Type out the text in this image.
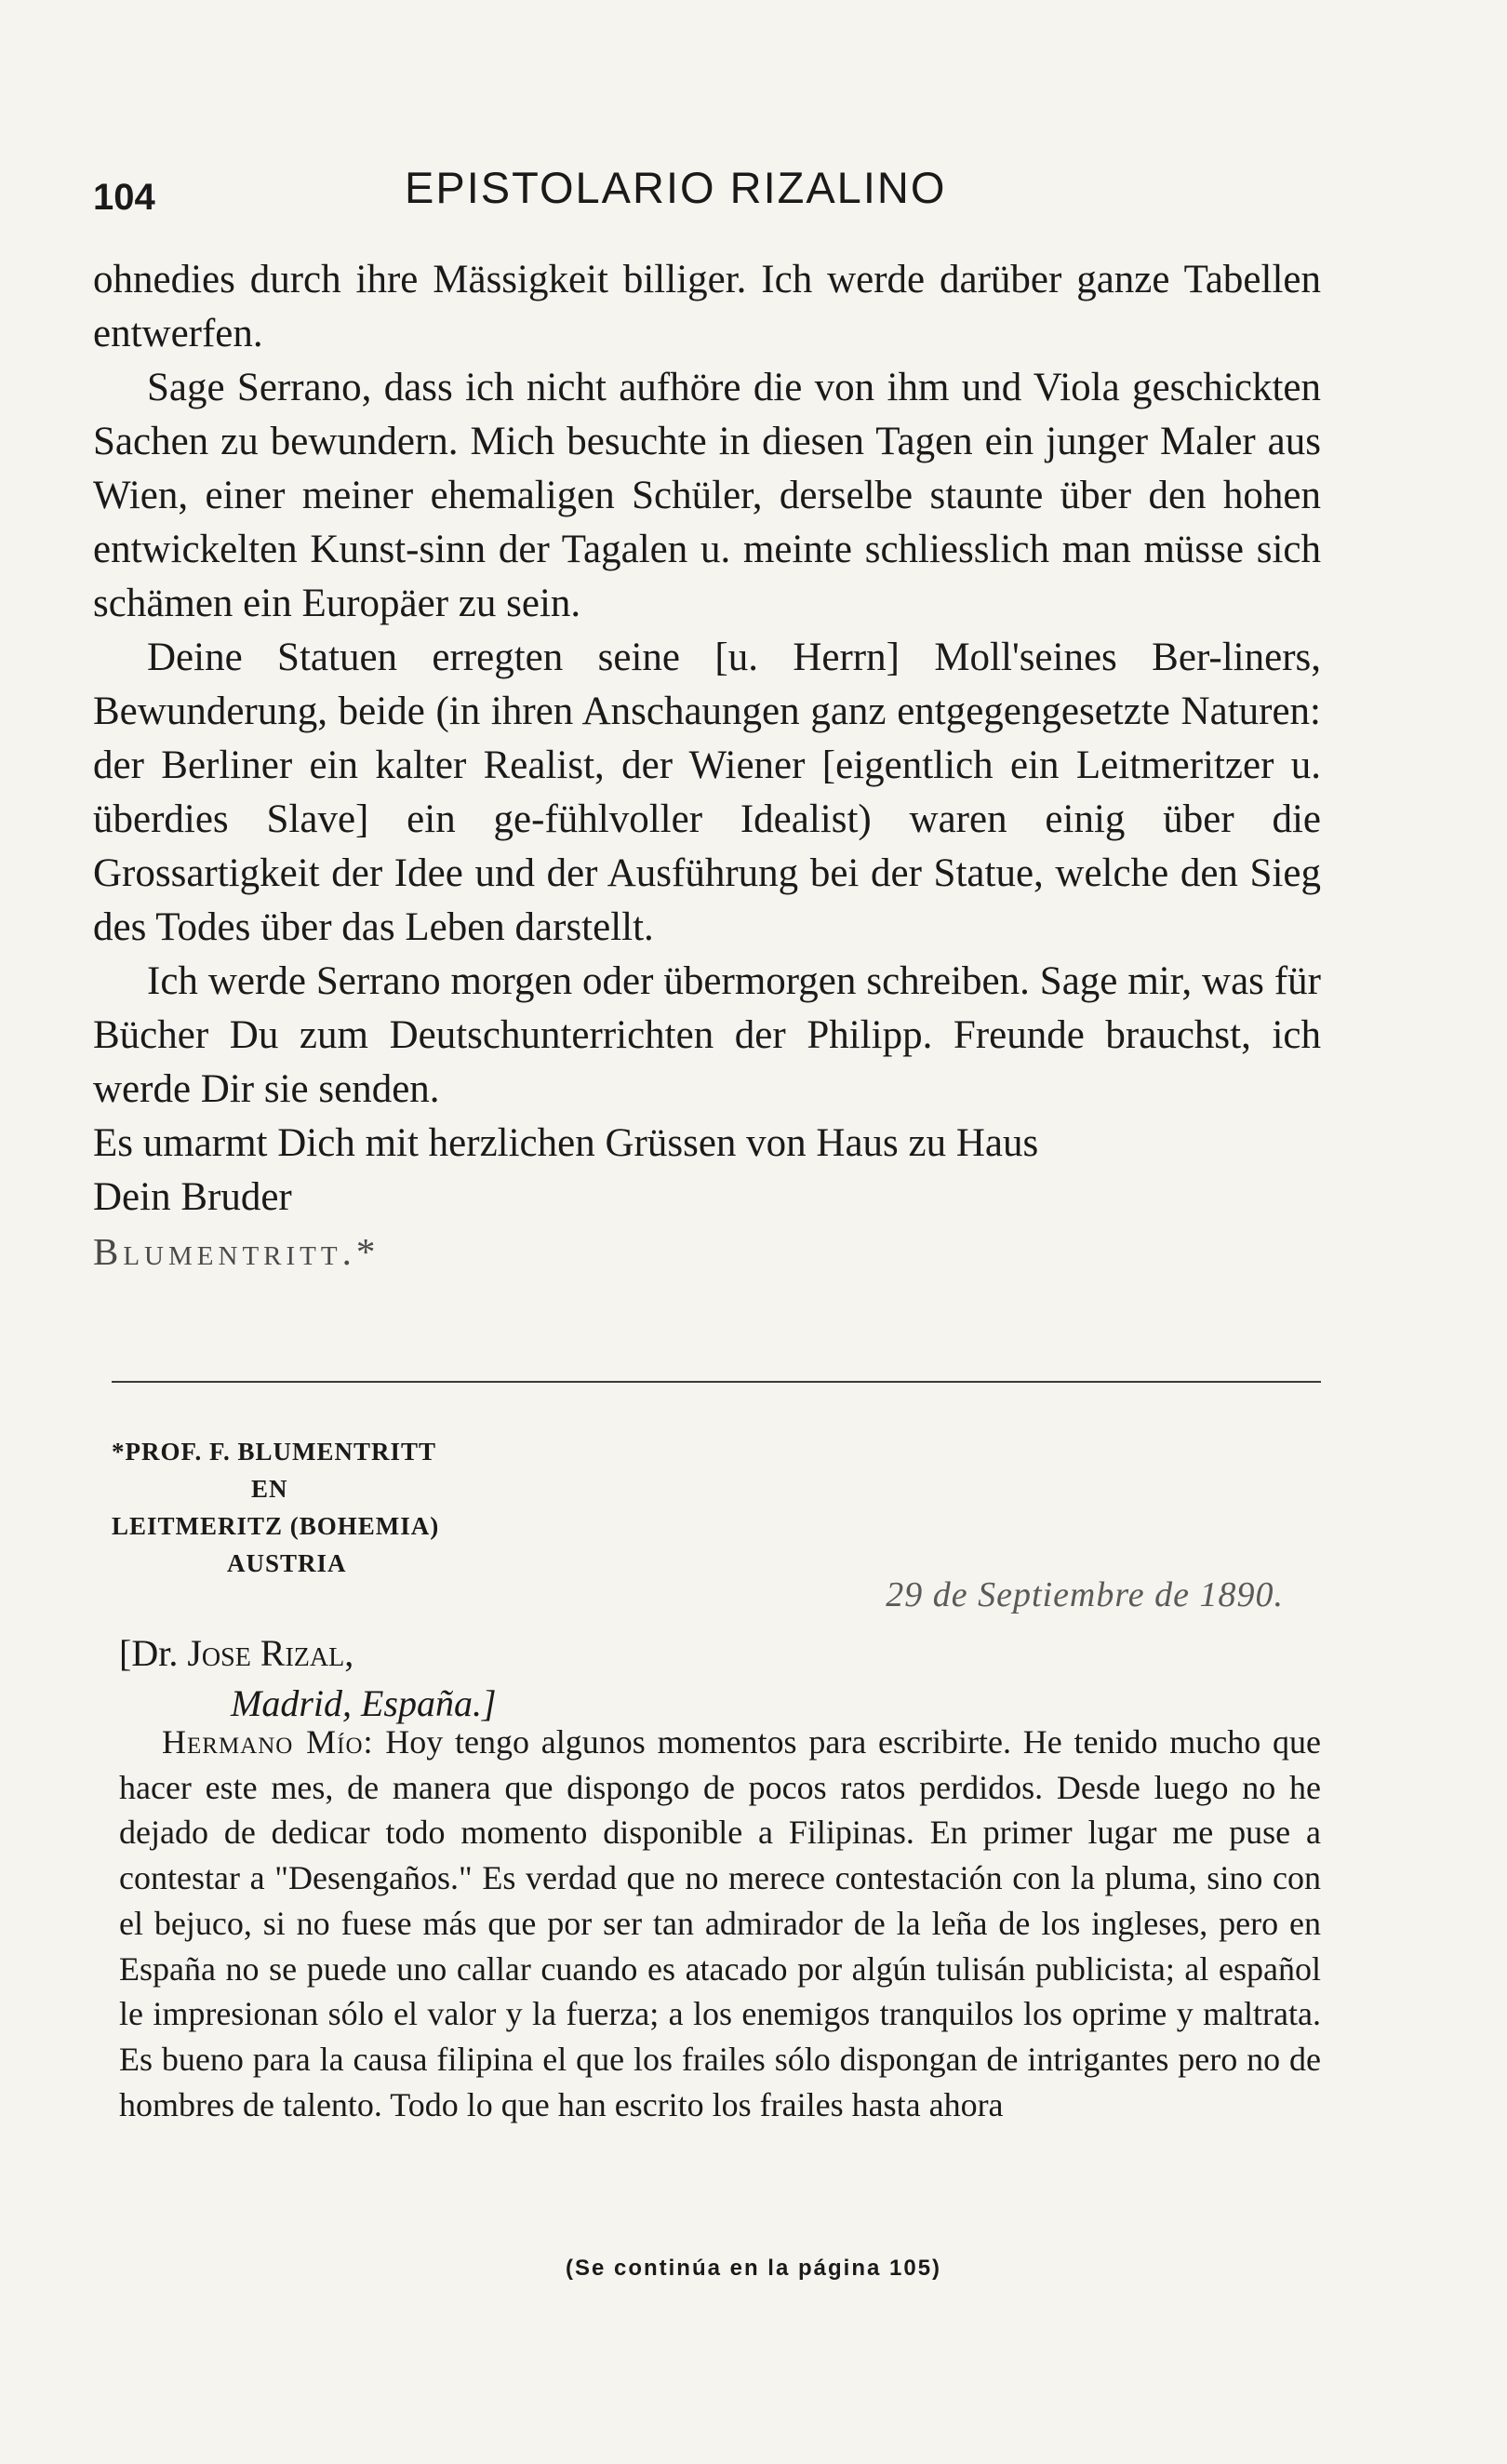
104	EPISTOLARIO RIZALINO

ohnedies durch ihre Mässigkeit billiger. Ich werde darüber ganze Tabellen entwerfen.

Sage Serrano, dass ich nicht aufhöre die von ihm und Viola geschickten Sachen zu bewundern. Mich besuchte in diesen Tagen ein junger Maler aus Wien, einer meiner ehemaligen Schüler, derselbe staunte über den hohen entwickelten Kunst-sinn der Tagalen u. meinte schliesslich man müsse sich schämen ein Europäer zu sein.

Deine Statuen erregten seine [u. Herrn] Moll'seines Ber-liners, Bewunderung, beide (in ihren Anschaungen ganz entgegengesetzte Naturen: der Berliner ein kalter Realist, der Wiener [eigentlich ein Leitmeritzer u. überdies Slave] ein ge-fühlvoller Idealist) waren einig über die Grossartigkeit der Idee und der Ausführung bei der Statue, welche den Sieg des Todes über das Leben darstellt.

Ich werde Serrano morgen oder übermorgen schreiben. Sage mir, was für Bücher Du zum Deutschunterrichten der Philipp. Freunde brauchst, ich werde Dir sie senden.

Es umarmt Dich mit herzlichen Grüssen von Haus zu Haus

Dein Bruder

Blumentritt.*

*PROF. F. BLUMENTRITT
EN
LEITMERITZ (BOHEMIA)
AUSTRIA
29 de Septiembre de 1890.
[Dr. Jose Rizal,
Madrid, España.]

Hermano Mío: Hoy tengo algunos momentos para escribirte. He tenido mucho que hacer este mes, de manera que dispongo de pocos ratos perdidos. Desde luego no he dejado de dedicar todo momento disponible a Filipinas. En primer lugar me puse a contestar a "Desengaños." Es verdad que no merece contestación con la pluma, sino con el bejuco, si no fuese más que por ser tan admirador de la leña de los ingleses, pero en España no se puede uno callar cuando es atacado por algún tulisán publicista; al español le impresionan sólo el valor y la fuerza; a los enemigos tranquilos los oprime y maltrata. Es bueno para la causa filipina el que los frailes sólo dispongan de intrigantes pero no de hombres de talento. Todo lo que han escrito los frailes hasta ahora

(Se continúa en la página 105)
